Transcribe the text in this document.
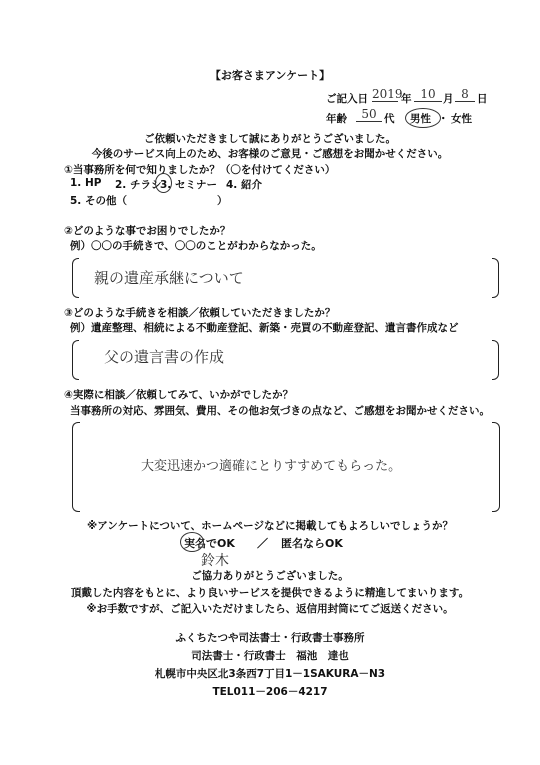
【お客さまアンケート】
ご記入日 2019
年 10 月 8 日
年齢	50 代 男性 ・ 女性
ご依頼いただきまして誠にありがとうございました。
今後のサービス向上のため、お客様のご意見・ご感想をお聞かせください。
①当事務所を何で知りましたか？（〇を付けてください）
1. HP 2. チラシ
3. セミナー 4. 紹介
5. その他（	）
②どのような事でお困りでしたか？
例）〇〇の手続きで、〇〇のことがわからなかった。
親の遺産承継について
③どのような手続きを相談／依頼していただきましたか？
例）遺産整理、相続による不動産登記、新築・売買の不動産登記、遺言書作成など
父の遺言書の作成
④実際に相談／依頼してみて、いかがでしたか？
当事務所の対応、雰囲気、費用、その他お気づきの点など、ご感想をお聞かせください。
大変迅速かつ適確にとりすすめてもらった。
※アンケートについて、ホームページなどに掲載してもよろしいでしょうか？
実名でOK ／ 匿名ならOK
鈴木
ご協力ありがとうございました。
頂戴した内容をもとに、より良いサービスを提供できるように精進してまいります。
※お手数ですが、ご記入いただけましたら、返信用封筒にてご返送ください。
ふくちたつや司法書士・行政書士事務所
司法書士・行政書士　福池　達也
札幌市中央区北3条西7丁目1－1SAKURA－N3
TEL011－206－4217
